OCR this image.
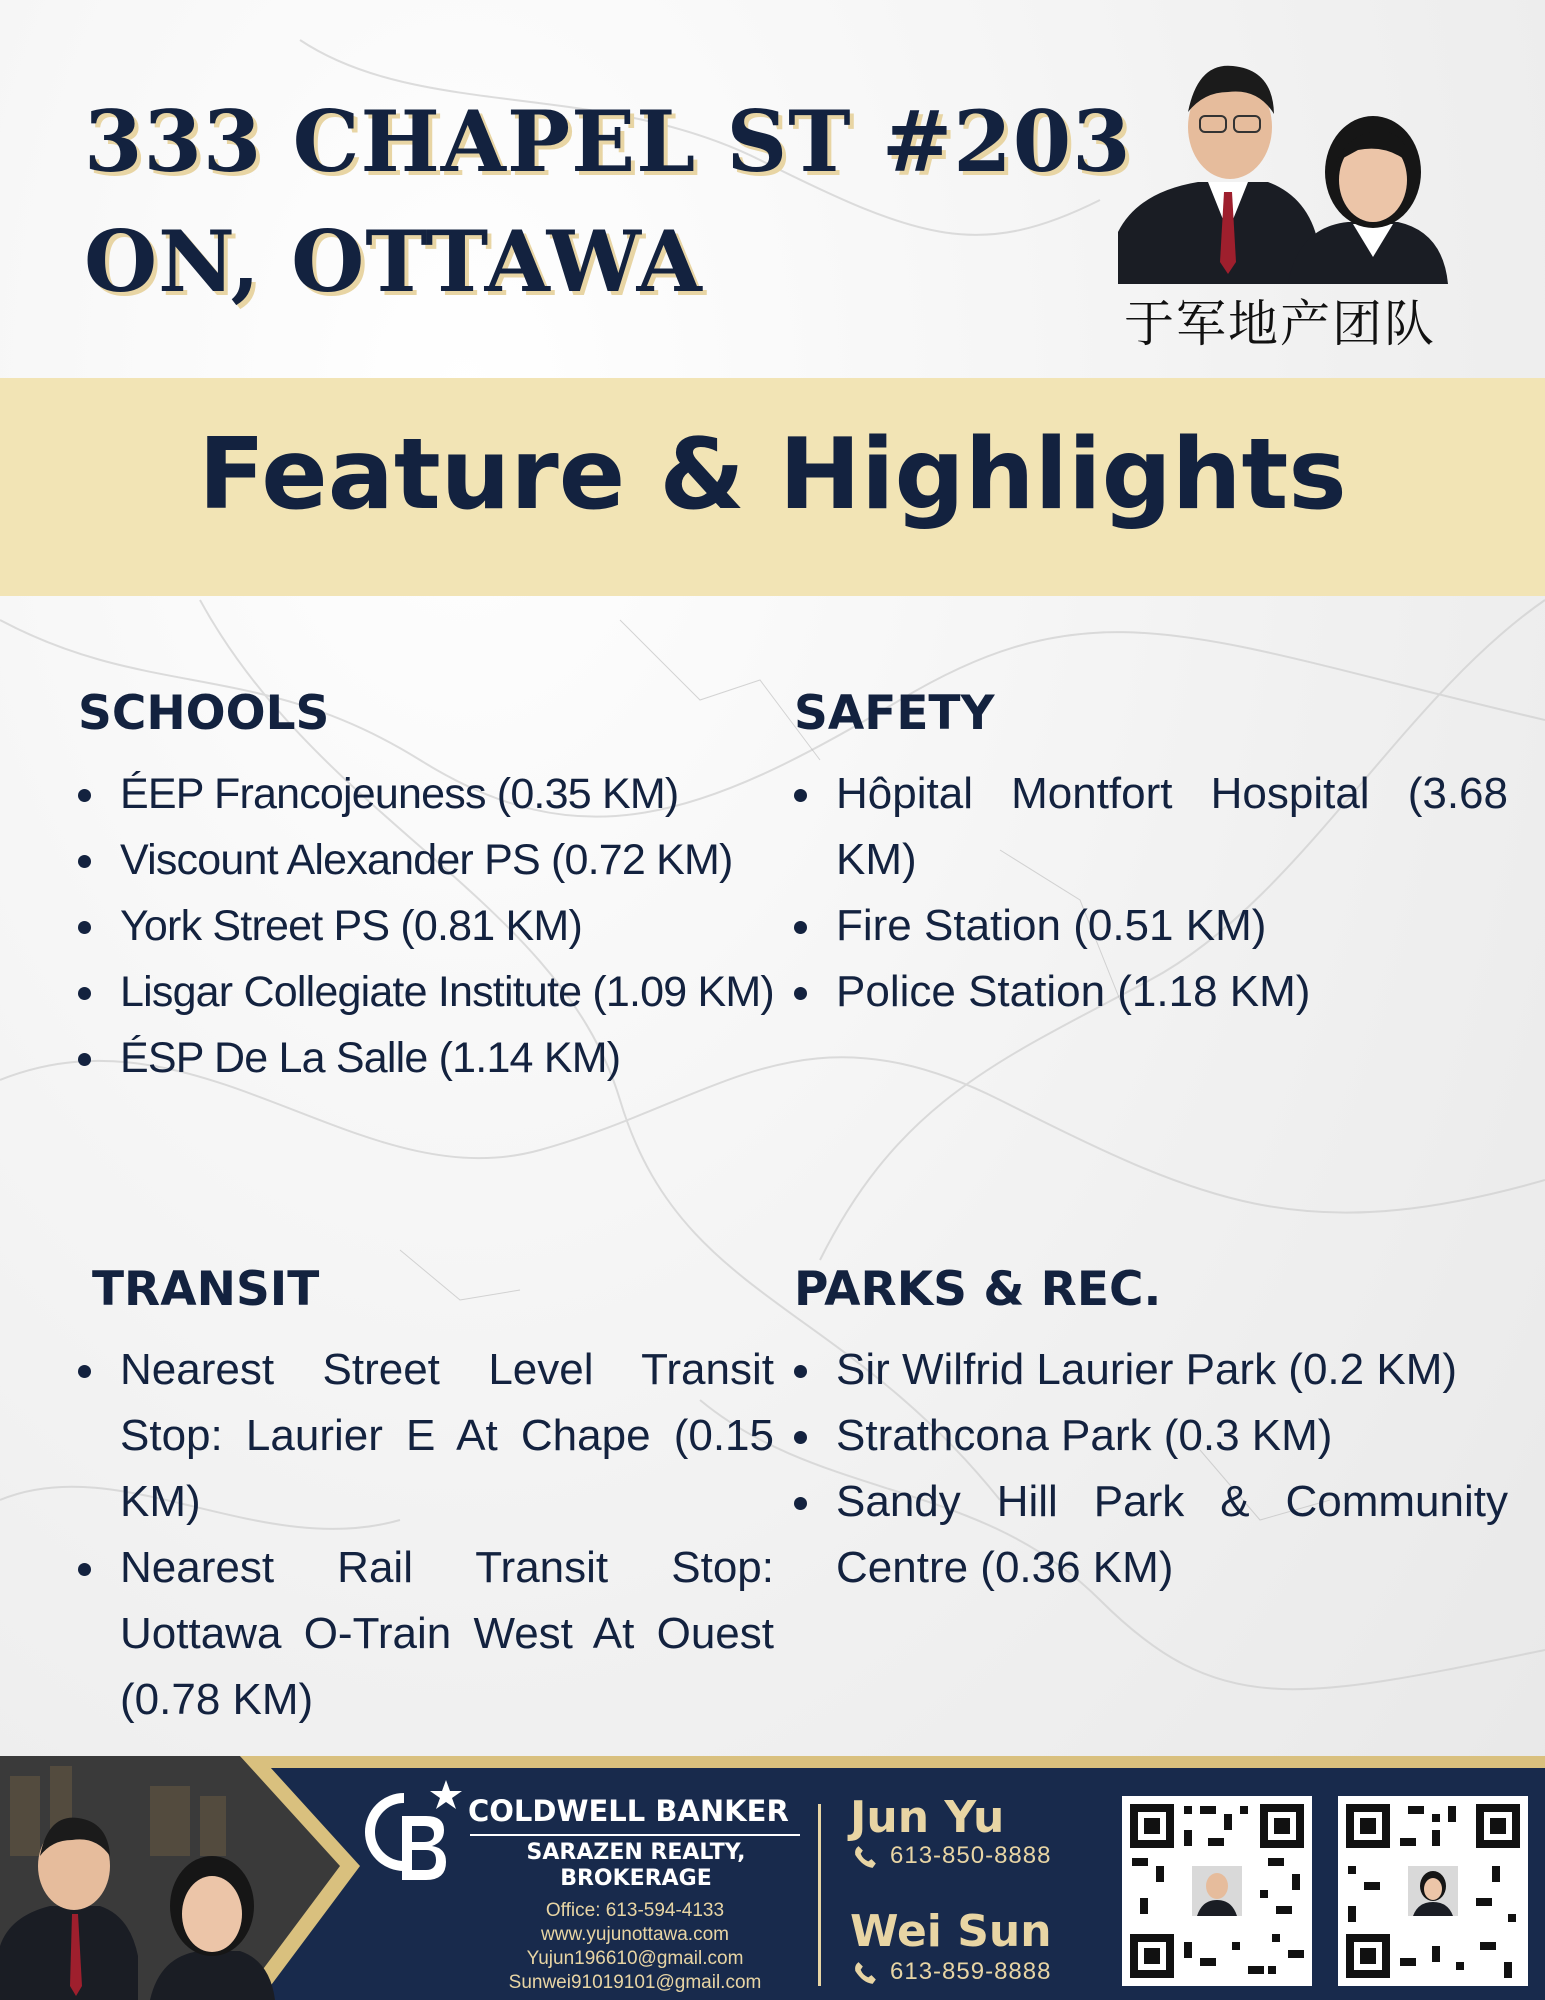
333 CHAPEL ST #203
ON, OTTAWA
于军地产团队
Feature & Highlights
SCHOOLS
ÉEP Francojeuness (0.35 KM)
Viscount Alexander PS (0.72 KM)
York Street PS (0.81 KM)
Lisgar Collegiate Institute (1.09 KM)
ÉSP De La Salle (1.14 KM)
SAFETY
Hôpital Montfort Hospital (3.68 KM)
Fire Station (0.51 KM)
Police Station (1.18 KM)
TRANSIT
Nearest Street Level Transit Stop: Laurier E At Chape (0.15 KM)
Nearest Rail Transit Stop: Uottawa O-Train West At Ouest (0.78 KM)
PARKS & REC.
Sir Wilfrid Laurier Park (0.2 KM)
Strathcona Park (0.3 KM)
Sandy Hill Park & Community Centre (0.36 KM)
COLDWELL BANKER
SARAZEN REALTY,
BROKERAGE
Office: 613-594-4133
www.yujunottawa.com
Yujun196610@gmail.com
Sunwei91019101@gmail.com
Jun Yu
613-850-8888
Wei Sun
613-859-8888
